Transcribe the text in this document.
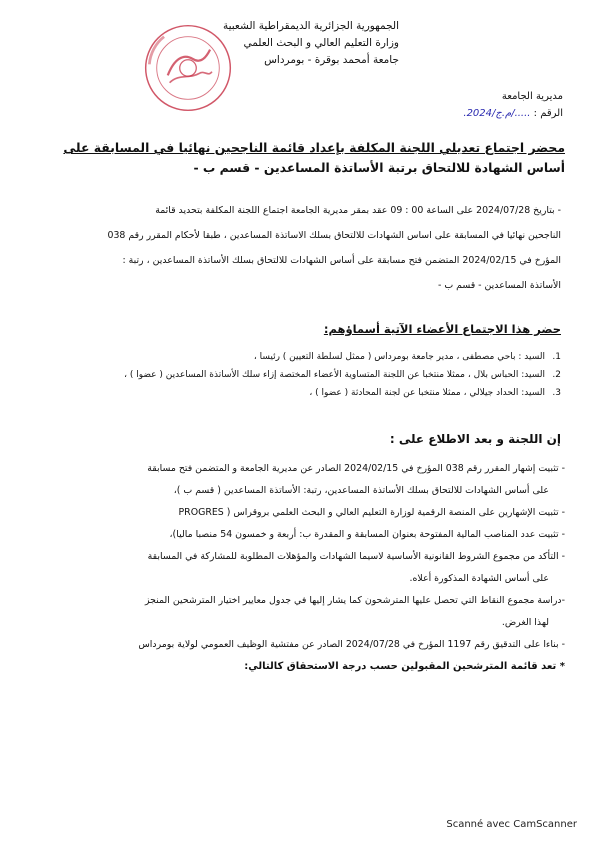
الجمهورية الجزائرية الديمقراطية الشعبية
وزارة التعليم العالي و البحث العلمي
جامعة أمحمد بوقرة - بومرداس
مديرية الجامعة
الرقم : ...../م.ج/2024.
محضر اجتماع تعديلي اللجنة المكلفة بإعداد قائمة الناجحين نهائيا في المسابقة على
أساس الشهادة للالتحاق برتبة الأساتذة المساعدين - قسم ب -
- بتاريخ 2024/07/28 على الساعة 00 : 09 عقد بمقر مديرية الجامعة اجتماع اللجنة المكلفة بتحديد قائمة
الناجحين نهائيا في المسابقة على اساس الشهادات للالتحاق بسلك الاساتذة المساعدين ، طبقا لأحكام المقرر رقم 038
المؤرخ في 2024/02/15 المتضمن فتح مسابقة على أساس الشهادات للالتحاق بسلك الأساتذة المساعدين ، رتبة :
الأساتذة المساعدين - قسم ب -
حضر هذا الاجتماع الأعضاء الآتية أسماؤهم:
1.
السيد : باحي مصطفى ، مدير جامعة بومرداس ( ممثل لسلطة التعيين ) رئيسا ،
2.
السيد: الحباس بلال ، ممثلا منتخبا عن اللجنة المتساوية الأعضاء المختصة إزاء سلك الأساتذة المساعدين ( عضوا ) ،
3.
السيد: الحداد جيلالي ، ممثلا منتخبا عن لجنة المحادثة ( عضوا ) ،
إن اللجنة و بعد الاطلاع على :
- تثبيت إشهار المقرر رقم 038 المؤرخ في 2024/02/15 الصادر عن مديرية الجامعة و المتضمن فتح مسابقة
على أساس الشهادات للالتحاق بسلك الأساتذة المساعدين، رتبة: الأساتذة المساعدين ( قسم ب )،
- تثبيت الإشهارين على المنصة الرقمية لوزارة التعليم العالي و البحث العلمي بروقراس ( PROGRES
- تثبيت عدد المناصب المالية المفتوحة بعنوان المسابقة و المقدرة ب: أربعة و خمسون 54 منصبا ماليا)،
- التأكد من مجموع الشروط القانونية الأساسية لاسيما الشهادات والمؤهلات المطلوبة للمشاركة في المسابقة
على أساس الشهادة المذكورة أعلاه.
-دراسة مجموع النقاط التي تحصل عليها المترشحون كما يشار إليها في جدول معايير اختيار المترشحين المنجز
لهذا الغرض.
- بناءا على التدقيق رقم 1197 المؤرخ في 2024/07/28 الصادر عن مفتشية الوظيف العمومي لولاية بومرداس
* تعد قائمة المترشحين المقبولين حسب درجة الاستحقاق كالتالي:
Scanné avec CamScanner
